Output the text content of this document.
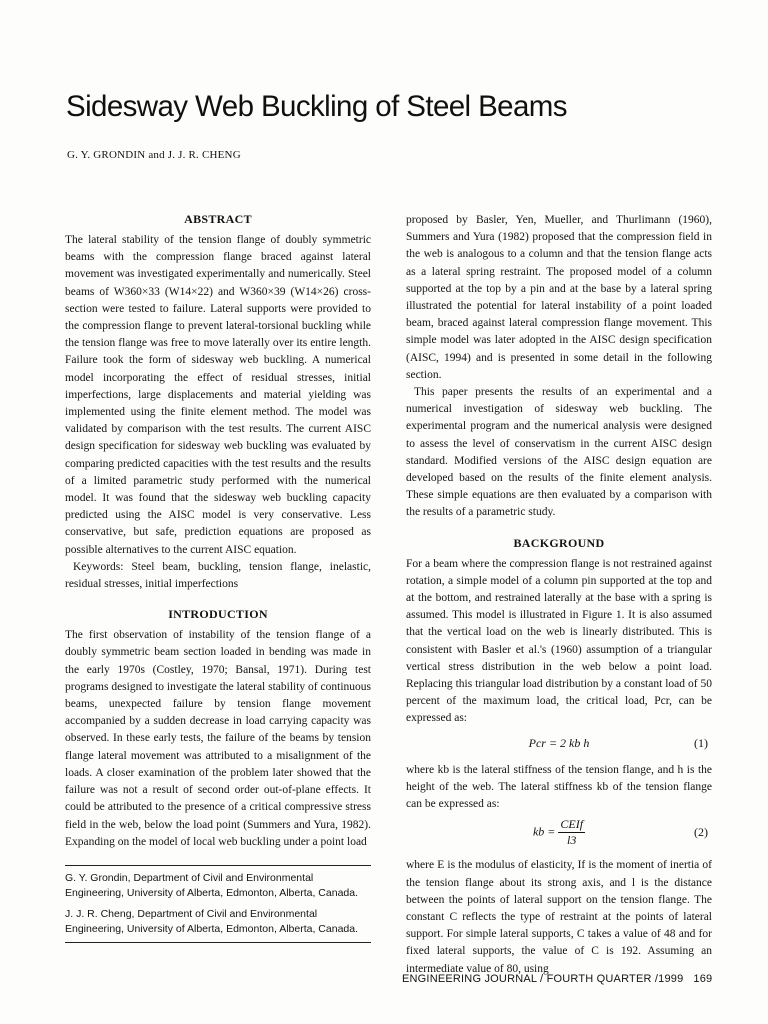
Sidesway Web Buckling of Steel Beams
G. Y. GRONDIN and J. J. R. CHENG
ABSTRACT

The lateral stability of the tension flange of doubly symmetric beams with the compression flange braced against lateral movement was investigated experimentally and numerically. Steel beams of W360×33 (W14×22) and W360×39 (W14×26) cross-section were tested to failure. Lateral supports were provided to the compression flange to prevent lateral-torsional buckling while the tension flange was free to move laterally over its entire length. Failure took the form of sidesway web buckling. A numerical model incorporating the effect of residual stresses, initial imperfections, large displacements and material yielding was implemented using the finite element method. The model was validated by comparison with the test results. The current AISC design specification for sidesway web buckling was evaluated by comparing predicted capacities with the test results and the results of a limited parametric study performed with the numerical model. It was found that the sidesway web buckling capacity predicted using the AISC model is very conservative. Less conservative, but safe, prediction equations are proposed as possible alternatives to the current AISC equation.

Keywords: Steel beam, buckling, tension flange, inelastic, residual stresses, initial imperfections

INTRODUCTION

The first observation of instability of the tension flange of a doubly symmetric beam section loaded in bending was made in the early 1970s (Costley, 1970; Bansal, 1971). During test programs designed to investigate the lateral stability of continuous beams, unexpected failure by tension flange movement accompanied by a sudden decrease in load carrying capacity was observed. In these early tests, the failure of the beams by tension flange lateral movement was attributed to a misalignment of the loads. A closer examination of the problem later showed that the failure was not a result of second order out-of-plane effects. It could be attributed to the presence of a critical compressive stress field in the web, below the load point (Summers and Yura, 1982). Expanding on the model of local web buckling under a point load

G. Y. Grondin, Department of Civil and Environmental Engineering, University of Alberta, Edmonton, Alberta, Canada.

J. J. R. Cheng, Department of Civil and Environmental Engineering, University of Alberta, Edmonton, Alberta, Canada.

proposed by Basler, Yen, Mueller, and Thurlimann (1960), Summers and Yura (1982) proposed that the compression field in the web is analogous to a column and that the tension flange acts as a lateral spring restraint. The proposed model of a column supported at the top by a pin and at the base by a lateral spring illustrated the potential for lateral instability of a point loaded beam, braced against lateral compression flange movement. This simple model was later adopted in the AISC design specification (AISC, 1994) and is presented in some detail in the following section.

This paper presents the results of an experimental and a numerical investigation of sidesway web buckling. The experimental program and the numerical analysis were designed to assess the level of conservatism in the current AISC design standard. Modified versions of the AISC design equation are developed based on the results of the finite element analysis. These simple equations are then evaluated by a comparison with the results of a parametric study.

BACKGROUND

For a beam where the compression flange is not restrained against rotation, a simple model of a column pin supported at the top and at the bottom, and restrained laterally at the base with a spring is assumed. This model is illustrated in Figure 1. It is also assumed that the vertical load on the web is linearly distributed. This is consistent with Basler et al.'s (1960) assumption of a triangular vertical stress distribution in the web below a point load. Replacing this triangular load distribution by a constant load of 50 percent of the maximum load, the critical load, Pcr, can be expressed as:

Pcr = 2 kb h	(1)

where kb is the lateral stiffness of the tension flange, and h is the height of the web. The lateral stiffness kb of the tension flange can be expressed as:

kb = $\frac{\text{CEIf}}{l3}$	(2)

where E is the modulus of elasticity, If is the moment of inertia of the tension flange about its strong axis, and l is the distance between the points of lateral support on the tension flange. The constant C reflects the type of restraint at the points of lateral support. For simple lateral supports, C takes a value of 48 and for fixed lateral supports, the value of C is 192. Assuming an intermediate value of 80, using

ENGINEERING JOURNAL / FOURTH QUARTER /1999 169
